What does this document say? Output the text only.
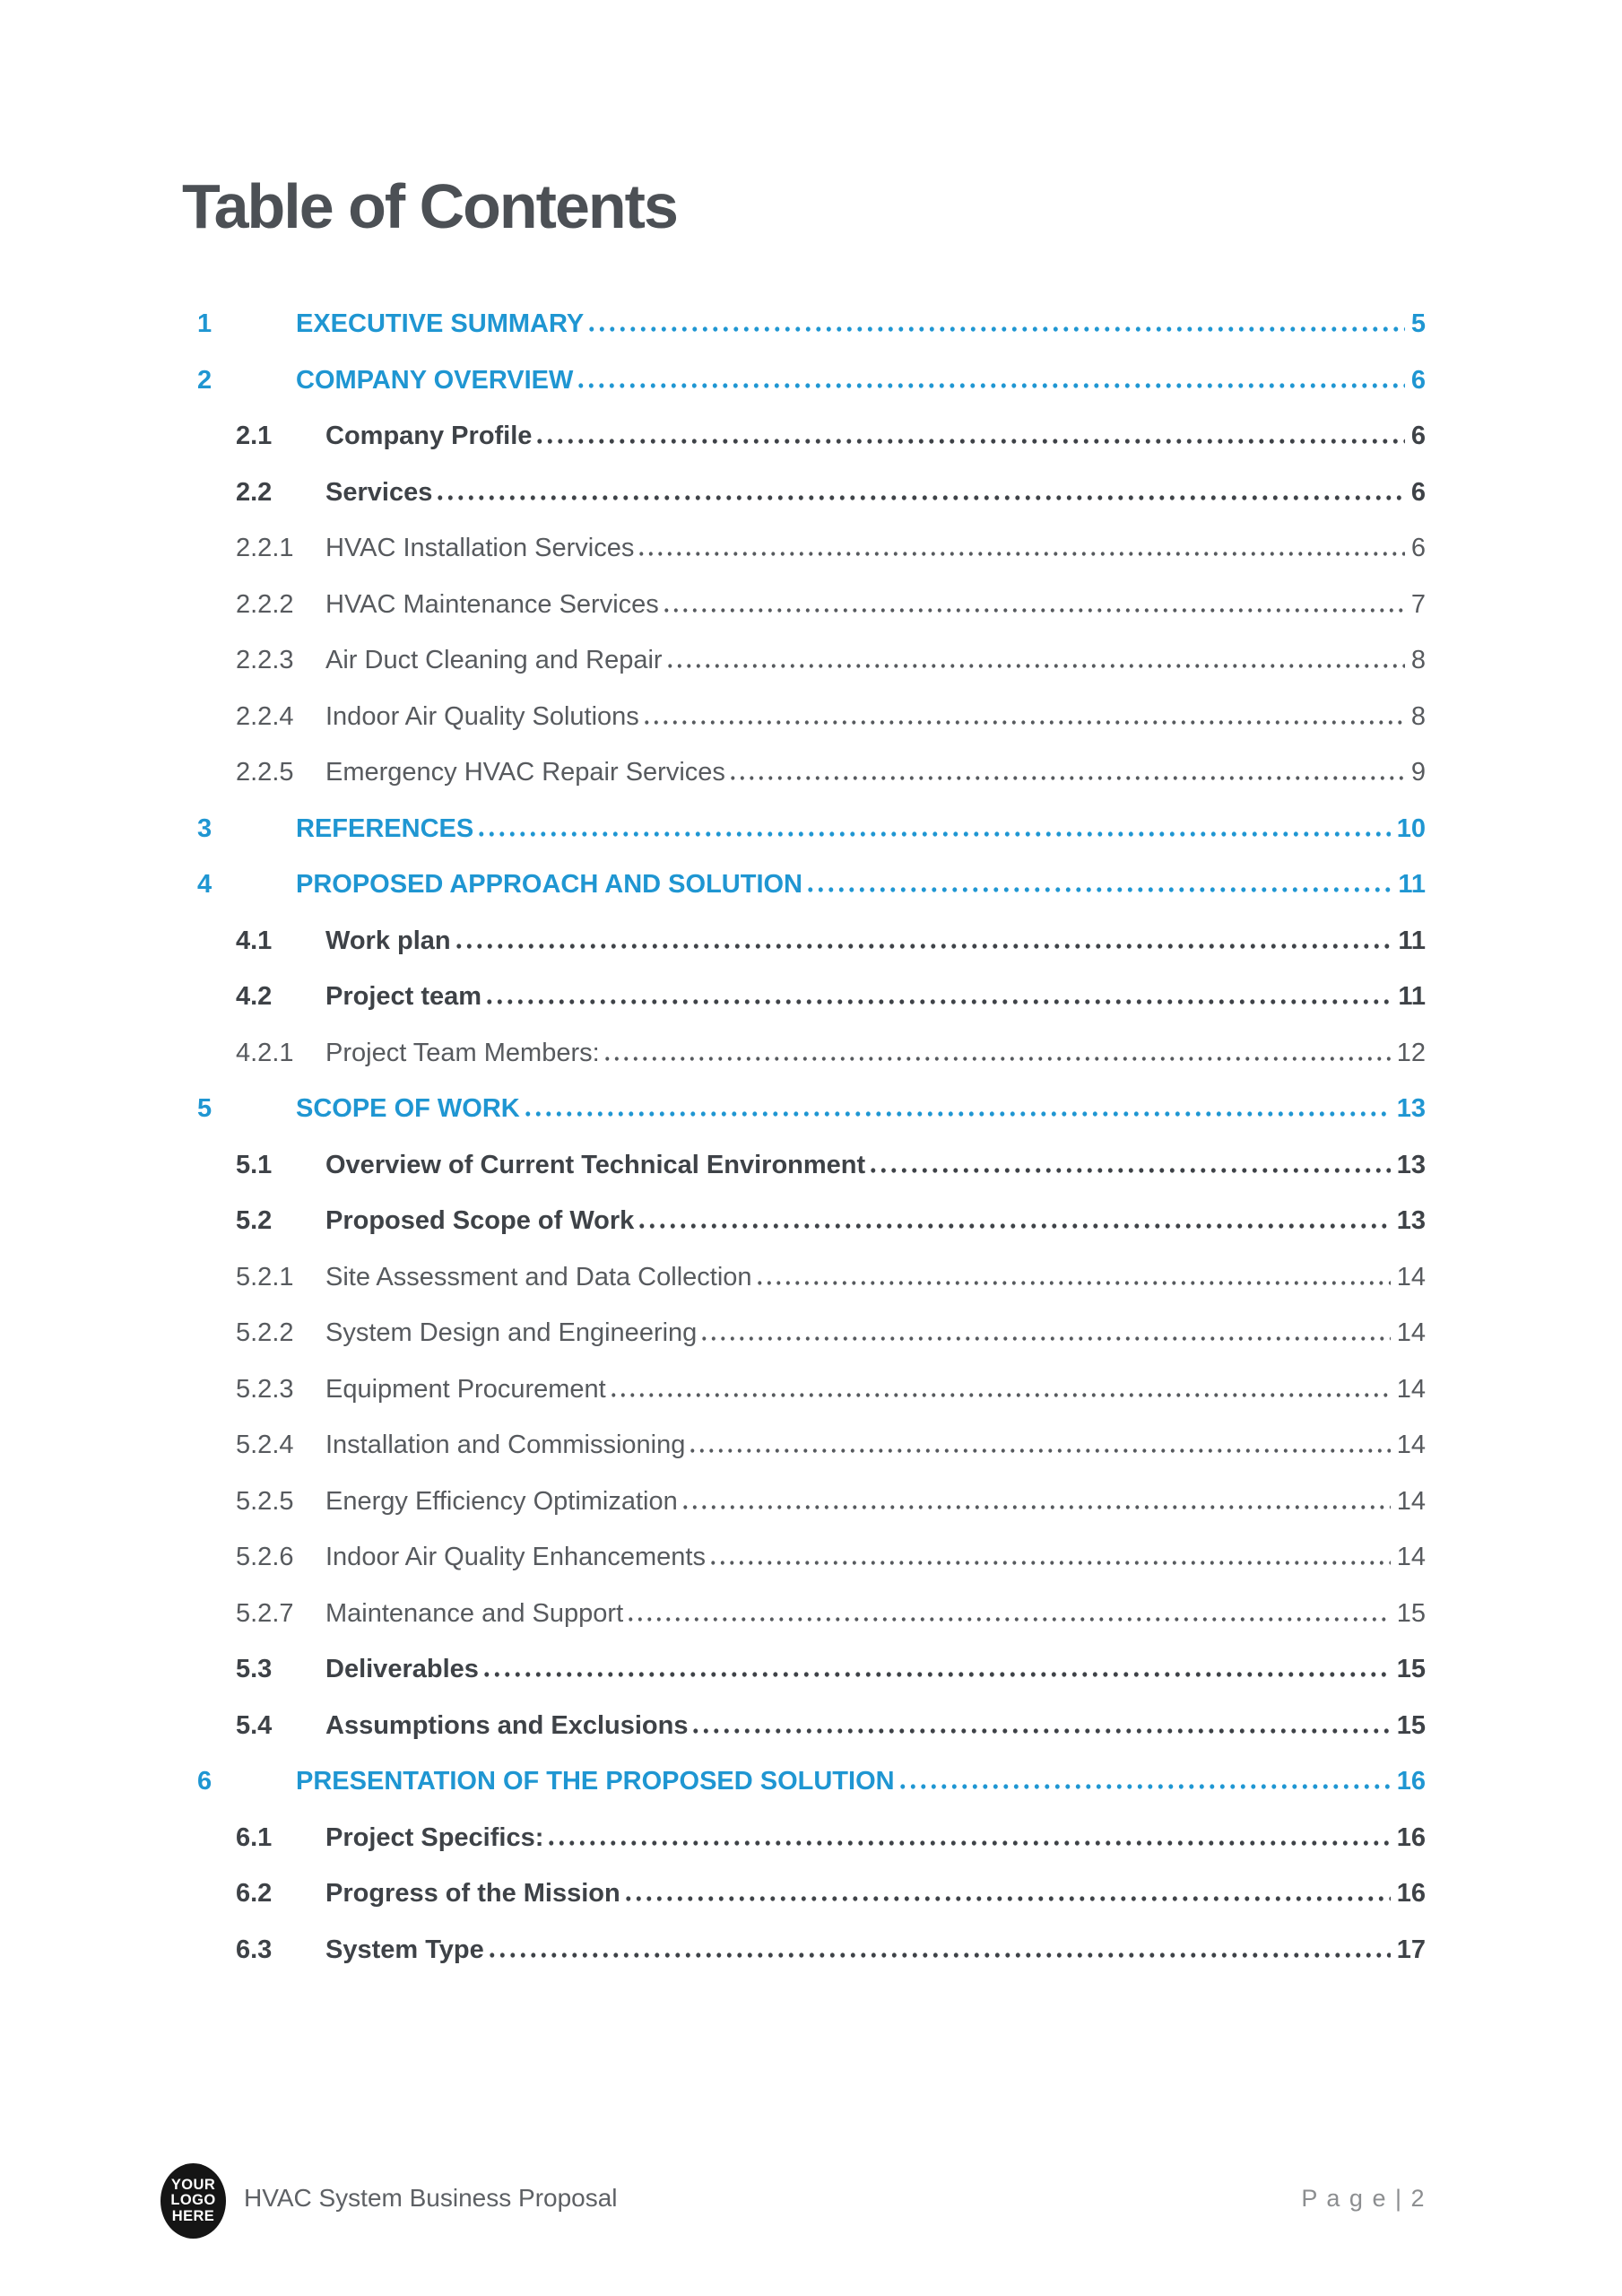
Table of Contents
1	EXECUTIVE SUMMARY	5
2	COMPANY OVERVIEW	6
2.1	Company Profile	6
2.2	Services	6
2.2.1	HVAC Installation Services	6
2.2.2	HVAC Maintenance Services	7
2.2.3	Air Duct Cleaning and Repair	8
2.2.4	Indoor Air Quality Solutions	8
2.2.5	Emergency HVAC Repair Services	9
3	REFERENCES	10
4	PROPOSED APPROACH AND SOLUTION	11
4.1	Work plan	11
4.2	Project team	11
4.2.1	Project Team Members:	12
5	SCOPE OF WORK	13
5.1	Overview of Current Technical Environment	13
5.2	Proposed Scope of Work	13
5.2.1	Site Assessment and Data Collection	14
5.2.2	System Design and Engineering	14
5.2.3	Equipment Procurement	14
5.2.4	Installation and Commissioning	14
5.2.5	Energy Efficiency Optimization	14
5.2.6	Indoor Air Quality Enhancements	14
5.2.7	Maintenance and Support	15
5.3	Deliverables	15
5.4	Assumptions and Exclusions	15
6	PRESENTATION OF THE PROPOSED SOLUTION	16
6.1	Project Specifics:	16
6.2	Progress of the Mission	16
6.3	System Type	17
YOUR
LOGO
HERE
HVAC System Business Proposal	P a g e | 2
